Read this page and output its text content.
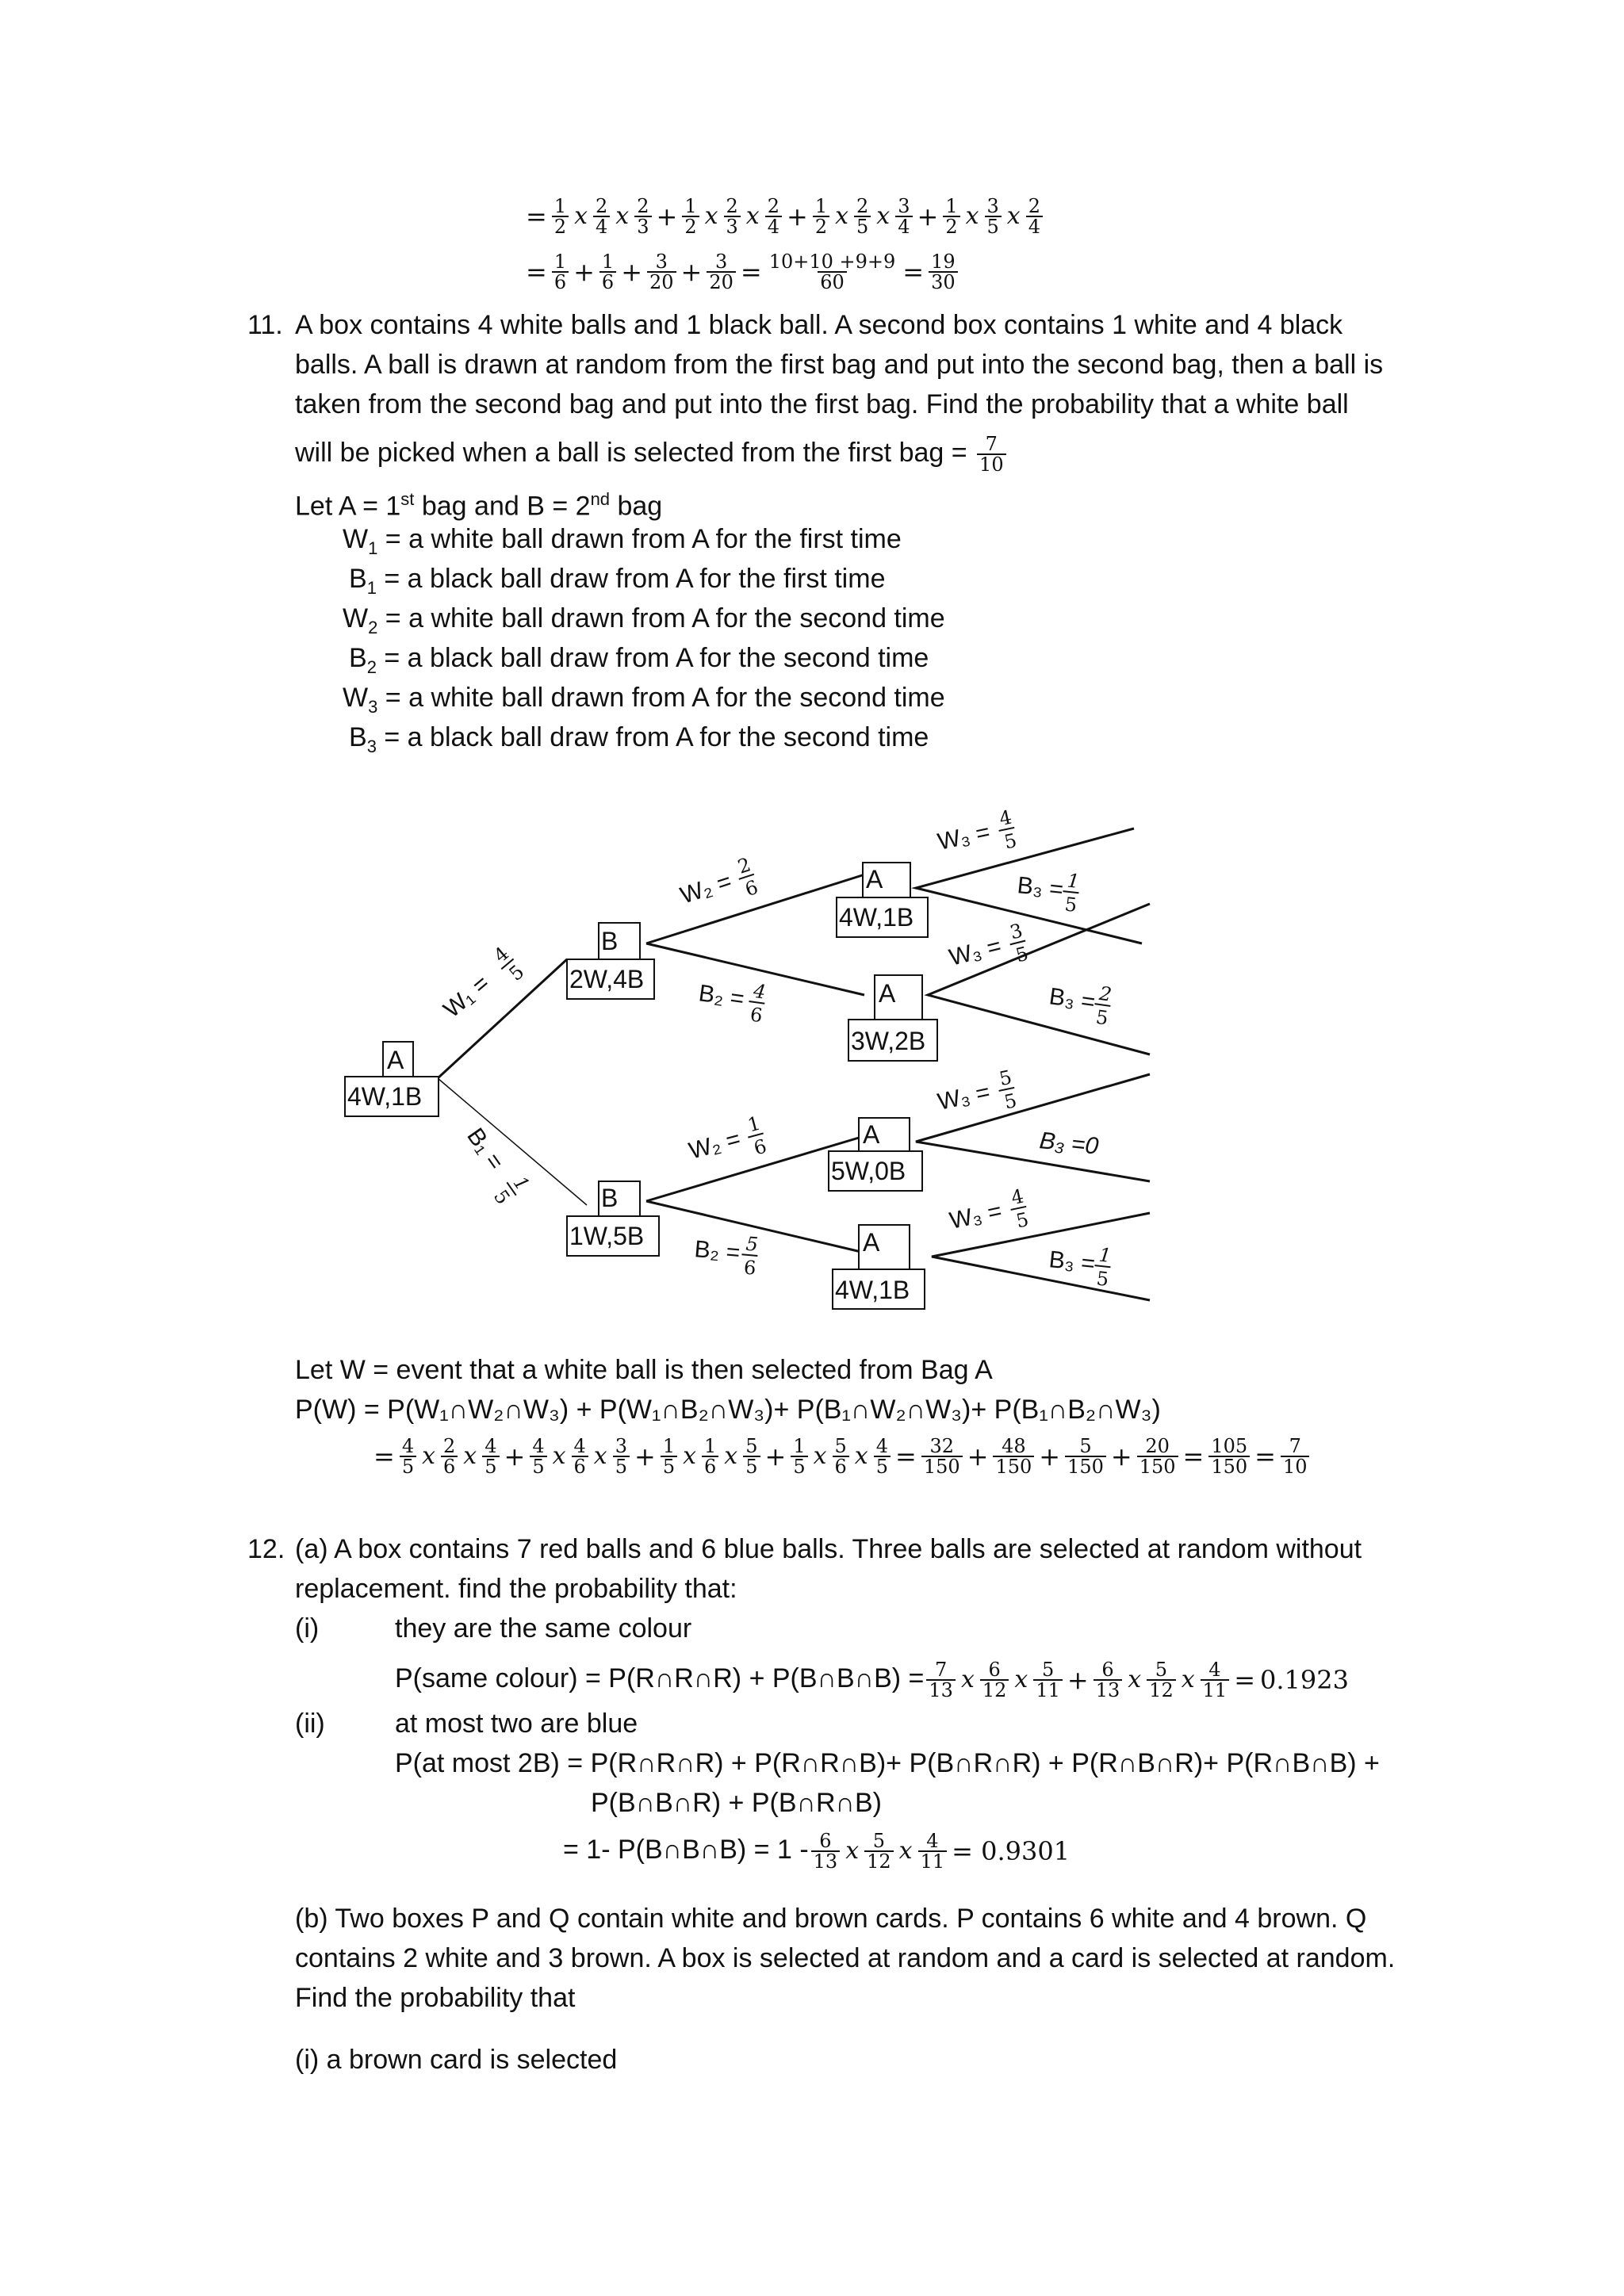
= $\frac{1}{2}$ x $\frac{2}{4}$ x $\frac{2}{3} + \frac{1}{2}$ x $\frac{2}{3}$ x $\frac{2}{4} + \frac{1}{2}$ x $\frac{2}{5}$ x $\frac{3}{4} + \frac{1}{2}$ x $\frac{3}{5}$ x $\frac{2}{4}$
= $\frac{1}{6} + \frac{1}{6} + \frac{3}{20} + \frac{3}{20} = \frac{10+10 +9+9}{60} = \frac{19}{30}$
11. A box contains 4 white balls and 1 black ball. A second box contains 1 white and 4 black
balls. A ball is drawn at random from the first bag and put into the second bag, then a ball is
taken from the second bag and put into the first bag. Find the probability that a white ball
will be picked when a ball is selected from the first bag = $\frac{7}{10}$
Let A = 1st bag and B = 2nd bag
$W_1 = a$ white ball drawn from A for the first time
$B_1 = a$ black ball draw from A for the first time
$W_2 = a$ white ball drawn from A for the second time
$B_2 = a$ black ball draw from A for the second time
$W_3 = a$ white ball drawn from A for the second time
$B_3 = a$ black ball draw from A for the second time
A
4W,1B
B
2W,4B
B
1W,5B
A
4W,1B
A
3W,2B
A
5W,0B
A
4W,1B
W₁ =
4
5
B₁ =
1
5
W₂ =
2
6
B₂ = 4
6
W₂ =
1
6
B₂ = 5
6
W₃ =
4
5
B₃ = 1
5
W₃ =
3
5
B₃ = 2
5
W₃ =
5
5
B₃ =0
W₃ =
4
5
B₃ = 1
5
Let W = event that a white ball is then selected from Bag A
P(W) = P(W₁∩W₂∩W₃) + P(W₁∩B₂∩W₃)+ P(B₁∩W₂∩W₃)+ P(B₁∩B₂∩W₃)
= $\frac{4}{5}$ x $\frac{2}{6}$ x $\frac{4}{5} + \frac{4}{5}$ x $\frac{4}{6}$ x $\frac{3}{5} + \frac{1}{5}$ x $\frac{1}{6}$ x $\frac{5}{5} + \frac{1}{5}$ x $\frac{5}{6}$ x $\frac{4}{5} = \frac{32}{150} + \frac{48}{150} + \frac{5}{150} + \frac{20}{150} = \frac{105}{150} = \frac{7}{10}$
12. (a) A box contains 7 red balls and 6 blue balls. Three balls are selected at random without
replacement. find the probability that:
(i)	they are the same colour
P(same colour) = P(R∩R∩R) + P(B∩B∩B) = $\frac{7}{13}$ x $\frac{6}{12}$ x $\frac{5}{11} + \frac{6}{13}$ x $\frac{5}{12}$ x $\frac{4}{11} = 0.1923$
(ii)	at most two are blue
P(at most 2B) = P(R∩R∩R) + P(R∩R∩B)+ P(B∩R∩R) + P(R∩B∩R)+ P(R∩B∩B) +
P(B∩B∩R) + P(B∩R∩B)
= 1- P(B∩B∩B) = $1 - \frac{6}{13}$ x $\frac{5}{12}$ x $\frac{4}{11} = 0.9301$
(b) Two boxes P and Q contain white and brown cards. P contains 6 white and 4 brown. Q
contains 2 white and 3 brown. A box is selected at random and a card is selected at random.
Find the probability that
(i) a brown card is selected
